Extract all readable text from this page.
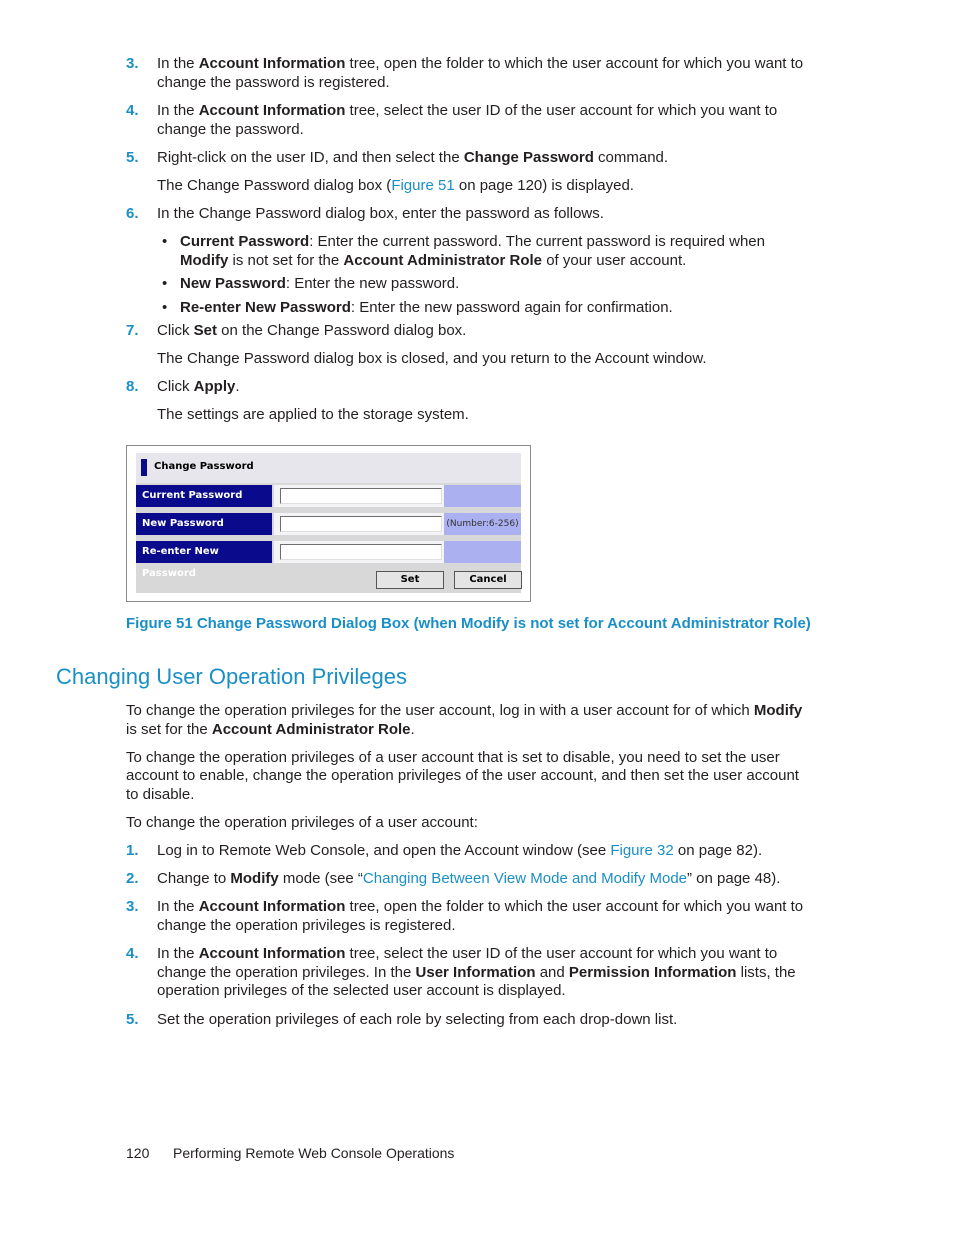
3. In the Account Information tree, open the folder to which the user account for which you want to
change the password is registered.
4. In the Account Information tree, select the user ID of the user account for which you want to
change the password.
5. Right-click on the user ID, and then select the Change Password command.
The Change Password dialog box (Figure 51 on page 120) is displayed.
6. In the Change Password dialog box, enter the password as follows.
• Current Password: Enter the current password. The current password is required when
Modify is not set for the Account Administrator Role of your user account.
• New Password: Enter the new password.
• Re-enter New Password: Enter the new password again for confirmation.
7. Click Set on the Change Password dialog box.
The Change Password dialog box is closed, and you return to the Account window.
8. Click Apply.
The settings are applied to the storage system.
Change Password
Current Password
New Password	(Number:6-256)
Re-enter New Password
Set	Cancel
Figure 51 Change Password Dialog Box (when Modify is not set for Account Administrator Role)
Changing User Operation Privileges
To change the operation privileges for the user account, log in with a user account for of which Modify
is set for the Account Administrator Role.
To change the operation privileges of a user account that is set to disable, you need to set the user
account to enable, change the operation privileges of the user account, and then set the user account
to disable.
To change the operation privileges of a user account:
1. Log in to Remote Web Console, and open the Account window (see Figure 32 on page 82).
2. Change to Modify mode (see “Changing Between View Mode and Modify Mode” on page 48).
3. In the Account Information tree, open the folder to which the user account for which you want to
change the operation privileges is registered.
4. In the Account Information tree, select the user ID of the user account for which you want to
change the operation privileges. In the User Information and Permission Information lists, the
operation privileges of the selected user account is displayed.
5. Set the operation privileges of each role by selecting from each drop-down list.
120 Performing Remote Web Console Operations
